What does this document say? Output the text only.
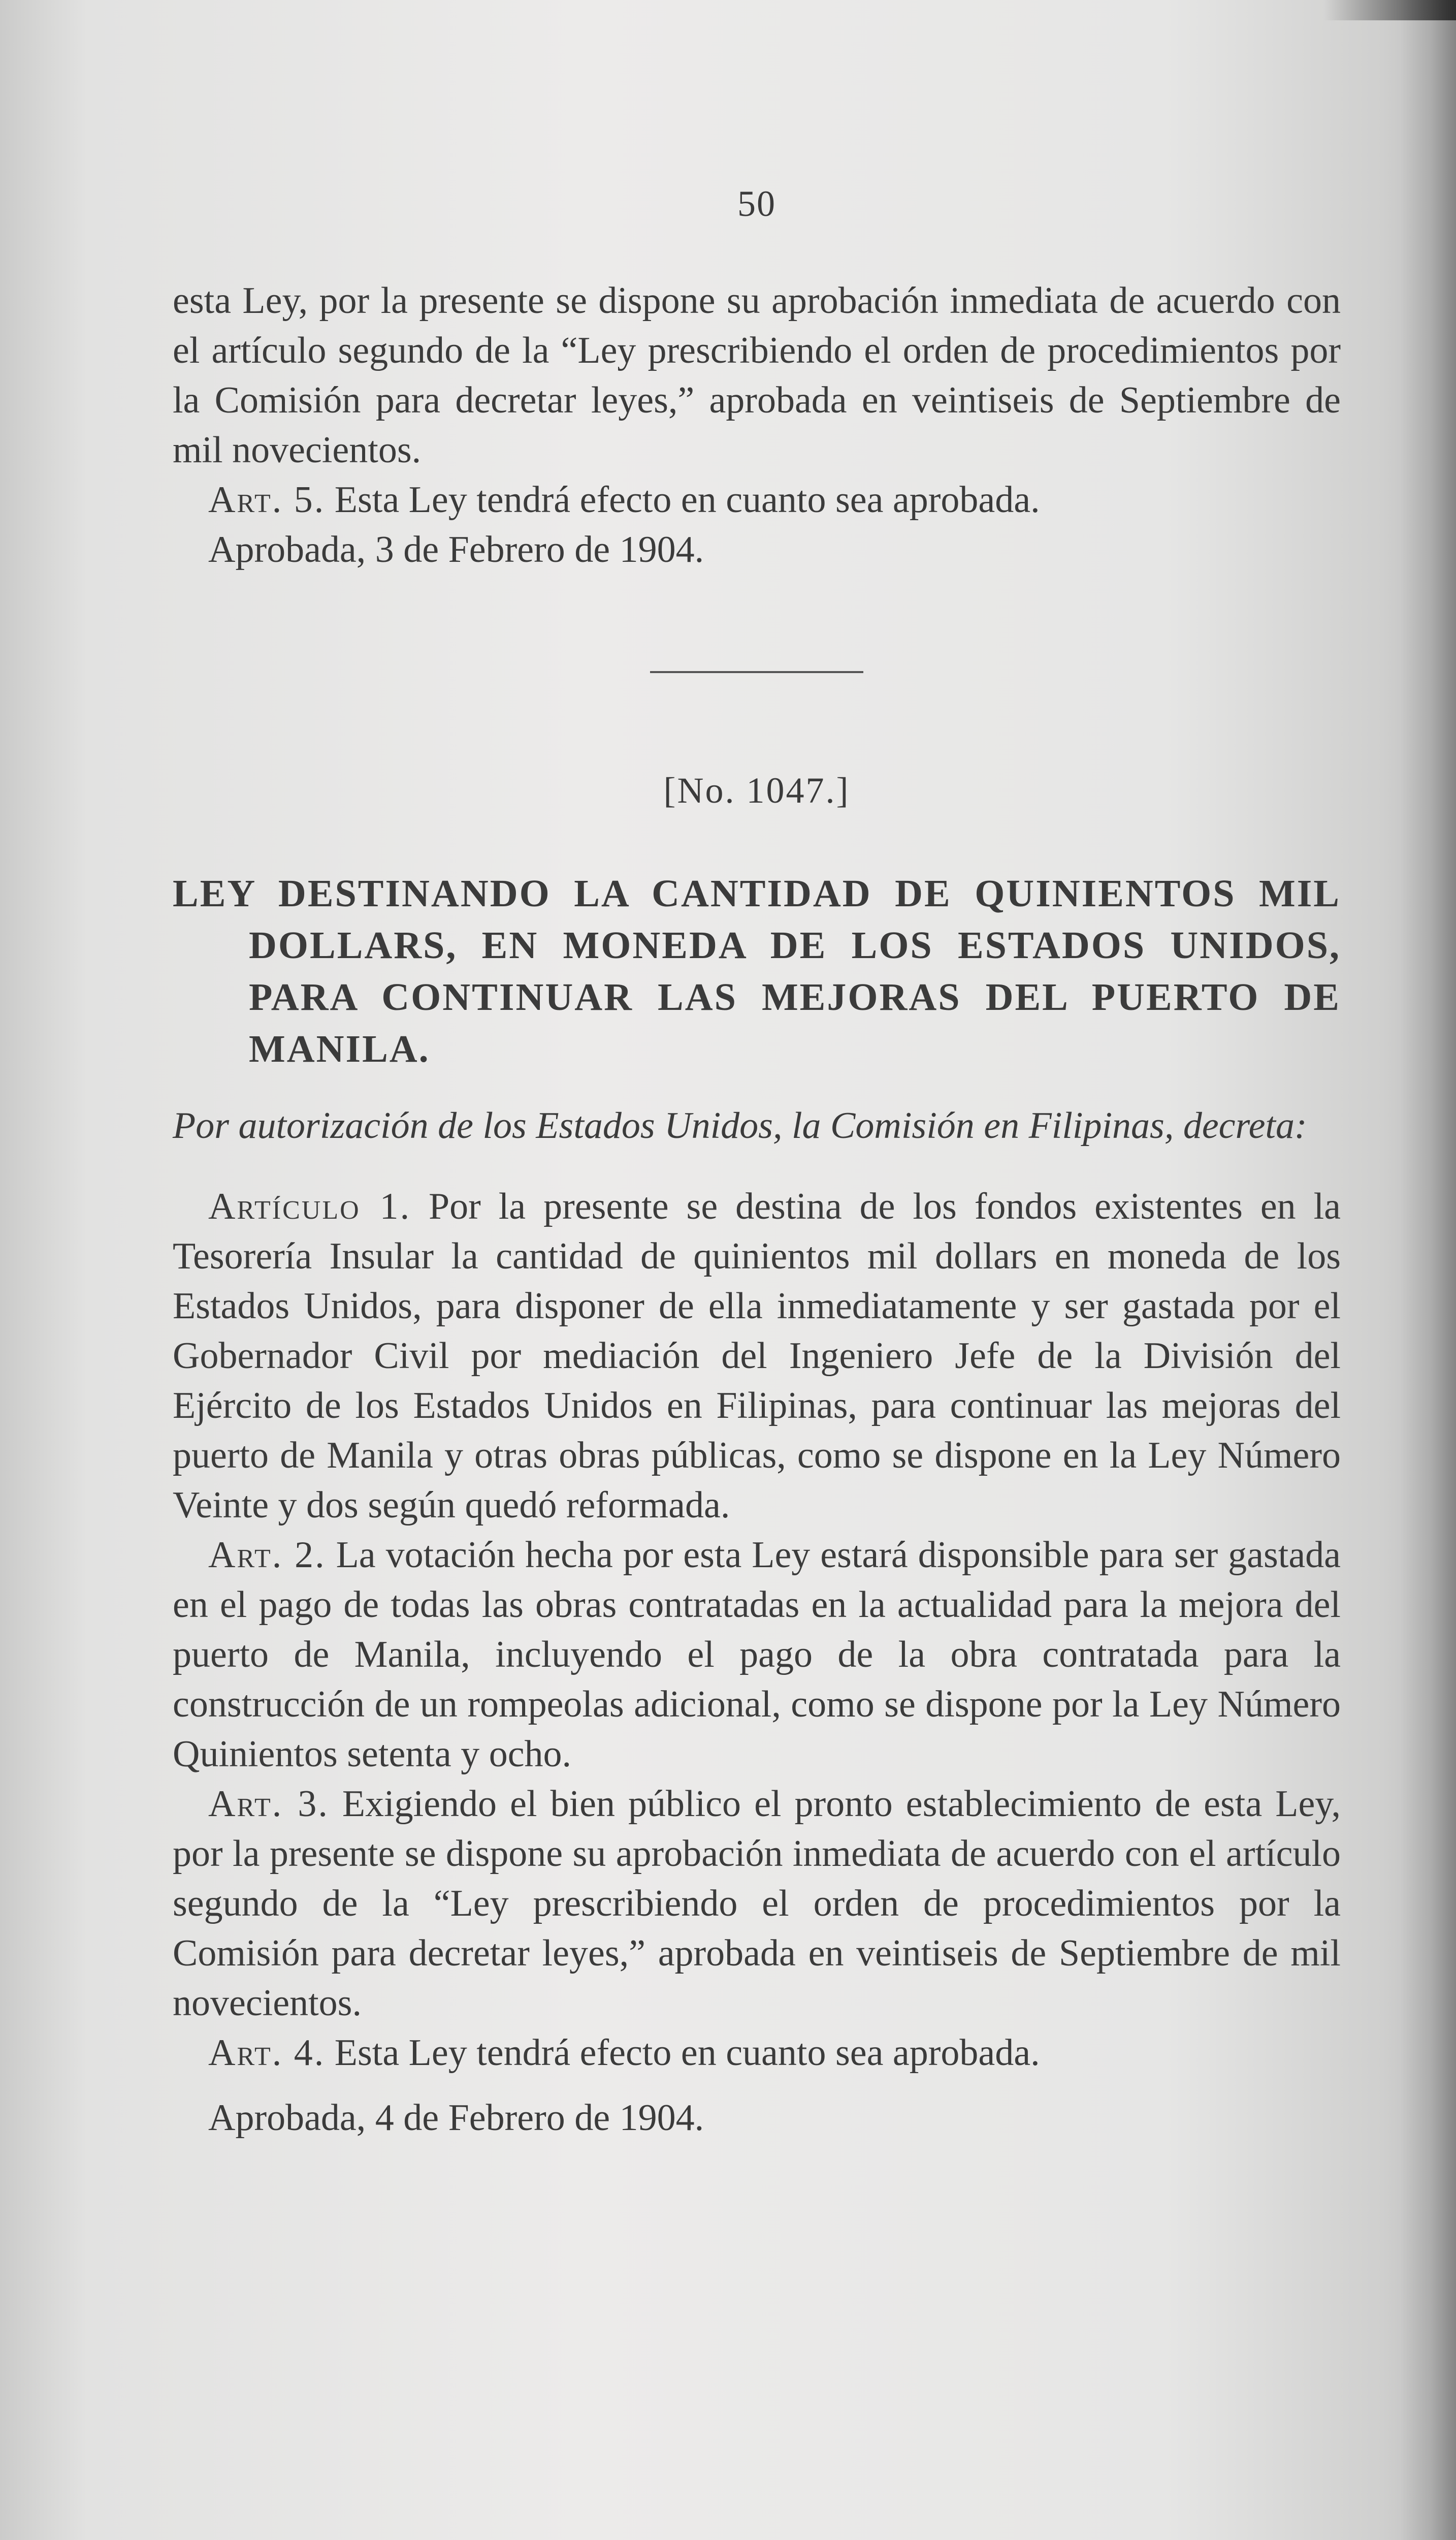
50

esta Ley, por la presente se dispone su aprobación inmediata de acuerdo con el artículo segundo de la “Ley prescribiendo el orden de procedimientos por la Comisión para decretar leyes,” aprobada en veintiseis de Septiembre de mil novecientos.

Art. 5. Esta Ley tendrá efecto en cuanto sea aprobada.

Aprobada, 3 de Febrero de 1904.

[No. 1047.]
LEY DESTINANDO LA CANTIDAD DE QUINIENTOS MIL DOLLARS, EN MONEDA DE LOS ESTADOS UNIDOS, PARA CONTINUAR LAS MEJORAS DEL PUERTO DE MANILA.
Por autorización de los Estados Unidos, la Comisión en Filipinas, decreta:

Artículo 1. Por la presente se destina de los fondos existentes en la Tesorería Insular la cantidad de quinientos mil dollars en moneda de los Estados Unidos, para disponer de ella inmediatamente y ser gastada por el Gobernador Civil por mediación del Ingeniero Jefe de la División del Ejército de los Estados Unidos en Filipinas, para continuar las mejoras del puerto de Manila y otras obras públicas, como se dispone en la Ley Número Veinte y dos según quedó reformada.

Art. 2. La votación hecha por esta Ley estará disponsible para ser gastada en el pago de todas las obras contratadas en la actualidad para la mejora del puerto de Manila, incluyendo el pago de la obra contratada para la construcción de un rompeolas adicional, como se dispone por la Ley Número Quinientos setenta y ocho.

Art. 3. Exigiendo el bien público el pronto establecimiento de esta Ley, por la presente se dispone su aprobación inmediata de acuerdo con el artículo segundo de la “Ley prescribiendo el orden de procedimientos por la Comisión para decretar leyes,” aprobada en veintiseis de Septiembre de mil novecientos.

Art. 4. Esta Ley tendrá efecto en cuanto sea aprobada.

Aprobada, 4 de Febrero de 1904.
